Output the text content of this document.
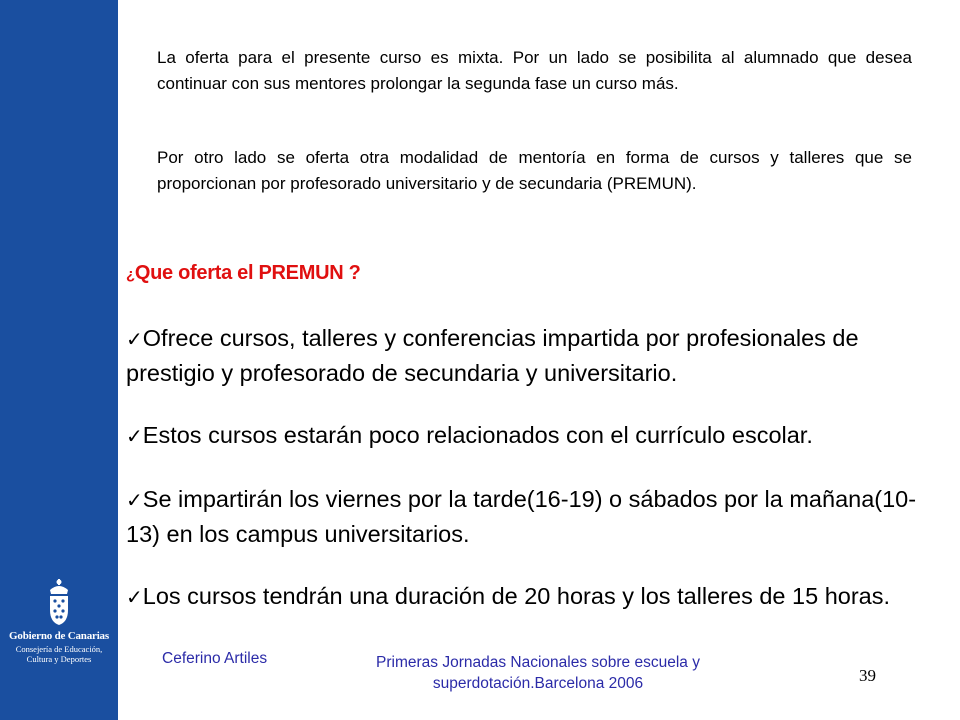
Gobierno de Canarias
Consejería de Educación,
Cultura y Deportes

La oferta para el presente curso es mixta. Por un lado se posibilita al alumnado que desea continuar con sus mentores prolongar la segunda fase un curso más.

Por otro lado se oferta otra modalidad de mentoría en forma de cursos y talleres que se proporcionan por profesorado universitario y de secundaria (PREMUN).

¿Que oferta el PREMUN ?
✓Ofrece cursos, talleres y conferencias impartida por profesionales de prestigio y profesorado de secundaria y universitario.
✓Estos cursos estarán poco relacionados con el currículo escolar.
✓Se impartirán los viernes por la tarde(16-19) o sábados por la mañana(10-13) en los campus universitarios.
✓Los cursos tendrán una duración de 20 horas y los talleres de 15 horas.
Ceferino Artiles	Primeras Jornadas Nacionales sobre escuela y superdotación.Barcelona 2006	39
